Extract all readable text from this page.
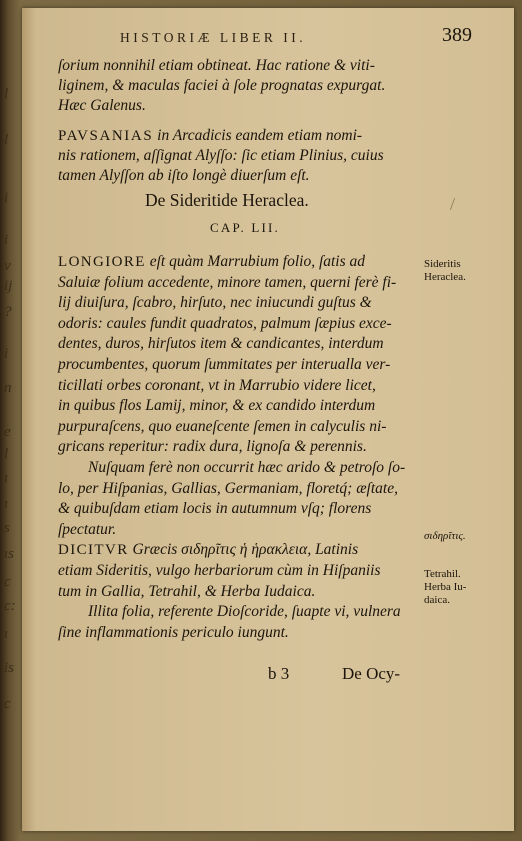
l
l
i
i
v
ij
?
i
n
e
l
ı
ı
s
ıs
c
c:
ı
is
c
HISTORIÆ LIBER II.	389
ſorium nonnihil etiam obtineat. Hac ratione & viti-
liginem, & maculas faciei à ſole prognatas expurgat.
Hæc Galenus.
PAVSANIAS in Arcadicis eandem etiam nomi-
nis rationem, aſſignat Alyſſo: ſic etiam Plinius, cuius
tamen Alyſſon ab iſto longè diuerſum eſt.
De Sideritide Heraclea.
CAP. LII.
LONGIORE eſt quàm Marrubium folio, ſatis ad
Saluiæ folium accedente, minore tamen, querni ferè fi-
lij diuiſura, ſcabro, hirſuto, nec iniucundi guſtus &
odoris: caules fundit quadratos, palmum ſæpius exce-
dentes, duros, hirſutos item & candicantes, interdum
procumbentes, quorum ſummitates per interualla ver-
ticillati orbes coronant, vt in Marrubio videre licet,
in quibus flos Lamij, minor, & ex candido interdum
purpuraſcens, quo euaneſcente ſemen in calyculis ni-
gricans reperitur: radix dura, lignoſa & perennis.
Nuſquam ferè non occurrit hæc arido & petroſo ſo-
lo, per Hiſpanias, Gallias, Germaniam, floretq́; æſtate,
& quibuſdam etiam locis in autumnum vſq; florens
ſpectatur.
DICITVR Græcis σιδηρῖτις ἡ ἡρακλεια, Latinis
etiam Sideritis, vulgo herbariorum cùm in Hiſpaniis
tum in Gallia, Tetrahil, & Herba Iudaica.
Illita folia, referente Dioſcoride, ſuapte vi, vulnera
ſine inflammationis periculo iungunt.
Sideritis
Heraclea.
σιδηρῖτις.
Tetrahil.
Herba Iu-
daica.
b 3	De Ocy-
